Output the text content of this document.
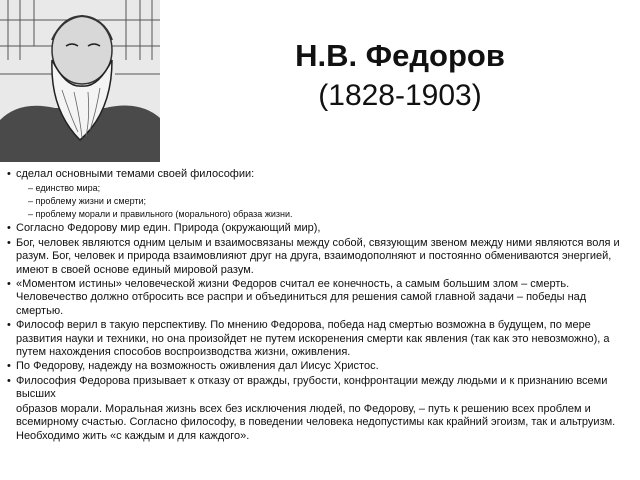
Н.В. Федоров
(1828-1903)
• сделал основными темами своей философии:
– единство мира;
– проблему жизни и смерти;
– проблему морали и правильного (морального) образа жизни.
• Согласно Федорову мир един. Природа (окружающий мир),
• Бог, человек являются одним целым и взаимосвязаны между собой, связующим звеном между ними являются воля и разум. Бог, человек и природа взаимовлияют друг на друга, взаимодополняют и постоянно обмениваются энергией, имеют в своей основе единый мировой разум.
• «Моментом истины» человеческой жизни Федоров считал ее конечность, а самым большим злом – смерть. Человечество должно отбросить все распри и объединиться для решения самой главной задачи – победы над смертью.
• Философ верил в такую перспективу. По мнению Федорова, победа над смертью возможна в будущем, по мере развития науки и техники, но она произойдет не путем искоренения смерти как явления (так как это невозможно), а путем нахождения способов воспроизводства жизни, оживления.
• По Федорову, надежду на возможность оживления дал Иисус Христос.
• Философия Федорова призывает к отказу от вражды, грубости, конфронтации между людьми и к признанию всеми высших
образов морали. Моральная жизнь всех без исключения людей, по Федорову, – путь к решению всех проблем и всемирному счастью. Согласно философу, в поведении человека недопустимы как крайний эгоизм, так и альтруизм. Необходимо жить «с каждым и для каждого».
